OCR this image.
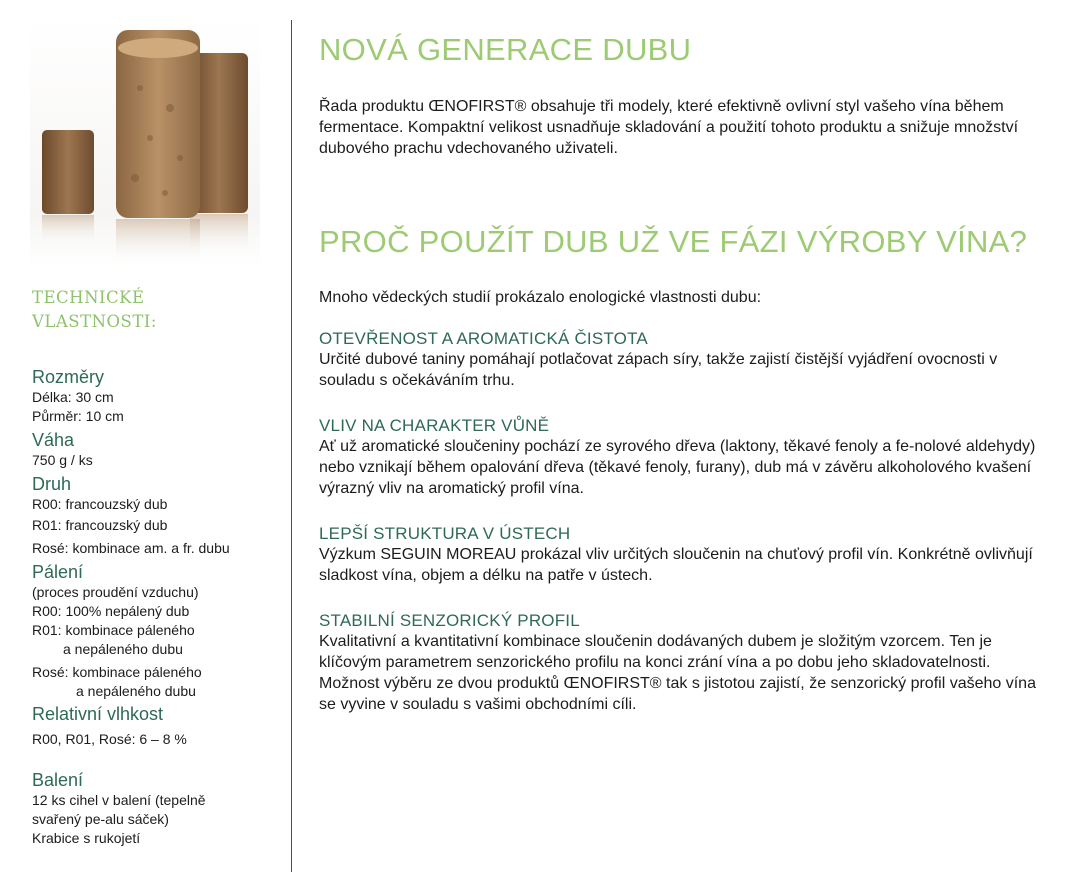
TECHNICKÉ
VLASTNOSTI:
Rozměry
Délka: 30 cm
Půrměr: 10 cm
Váha
750 g / ks
Druh
R00: francouzský dub
R01: francouzský dub
Rosé: kombinace am. a fr. dubu
Pálení
(proces proudění vzduchu)
R00: 100% nepálený dub
R01: kombinace páleného
a nepáleného dubu
Rosé: kombinace páleného
a nepáleného dubu
Relativní vlhkost
R00, R01, Rosé: 6 – 8 %
Balení
12 ks cihel v balení (tepelně
svařený pe-alu sáček)
Krabice s rukojetí
NOVÁ GENERACE DUBU

Řada produktu ŒNOFIRST® obsahuje tři modely, které efektivně ovlivní styl vašeho vína během fermentace. Kompaktní velikost usnadňuje skladování a použití tohoto produktu a snižuje množství dubového prachu vdechovaného uživateli.

PROČ POUŽÍT DUB UŽ VE FÁZI VÝROBY VÍNA?

Mnoho vědeckých studií prokázalo enologické vlastnosti dubu:

OTEVŘENOST A AROMATICKÁ ČISTOTA

Určité dubové taniny pomáhají potlačovat zápach síry, takže zajistí čistější vyjádření ovocnosti v souladu s očekáváním trhu.

VLIV NA CHARAKTER VŮNĚ

Ať už aromatické sloučeniny pochází ze syrového dřeva (laktony, těkavé fenoly a fe-nolové aldehydy) nebo vznikají během opalování dřeva (těkavé fenoly, furany), dub má v závěru alkoholového kvašení výrazný vliv na aromatický profil vína.

LEPŠÍ STRUKTURA V ÚSTECH

Výzkum SEGUIN MOREAU prokázal vliv určitých sloučenin na chuťový profil vín. Konkrétně ovlivňují sladkost vína, objem a délku na patře v ústech.

STABILNÍ SENZORICKÝ PROFIL

Kvalitativní a kvantitativní kombinace sloučenin dodávaných dubem je složitým vzorcem. Ten je klíčovým parametrem senzorického profilu na konci zrání vína a po dobu jeho skladovatelnosti.

Možnost výběru ze dvou produktů ŒNOFIRST® tak s jistotou zajistí, že senzorický profil vašeho vína se vyvine v souladu s vašimi obchodními cíli.
